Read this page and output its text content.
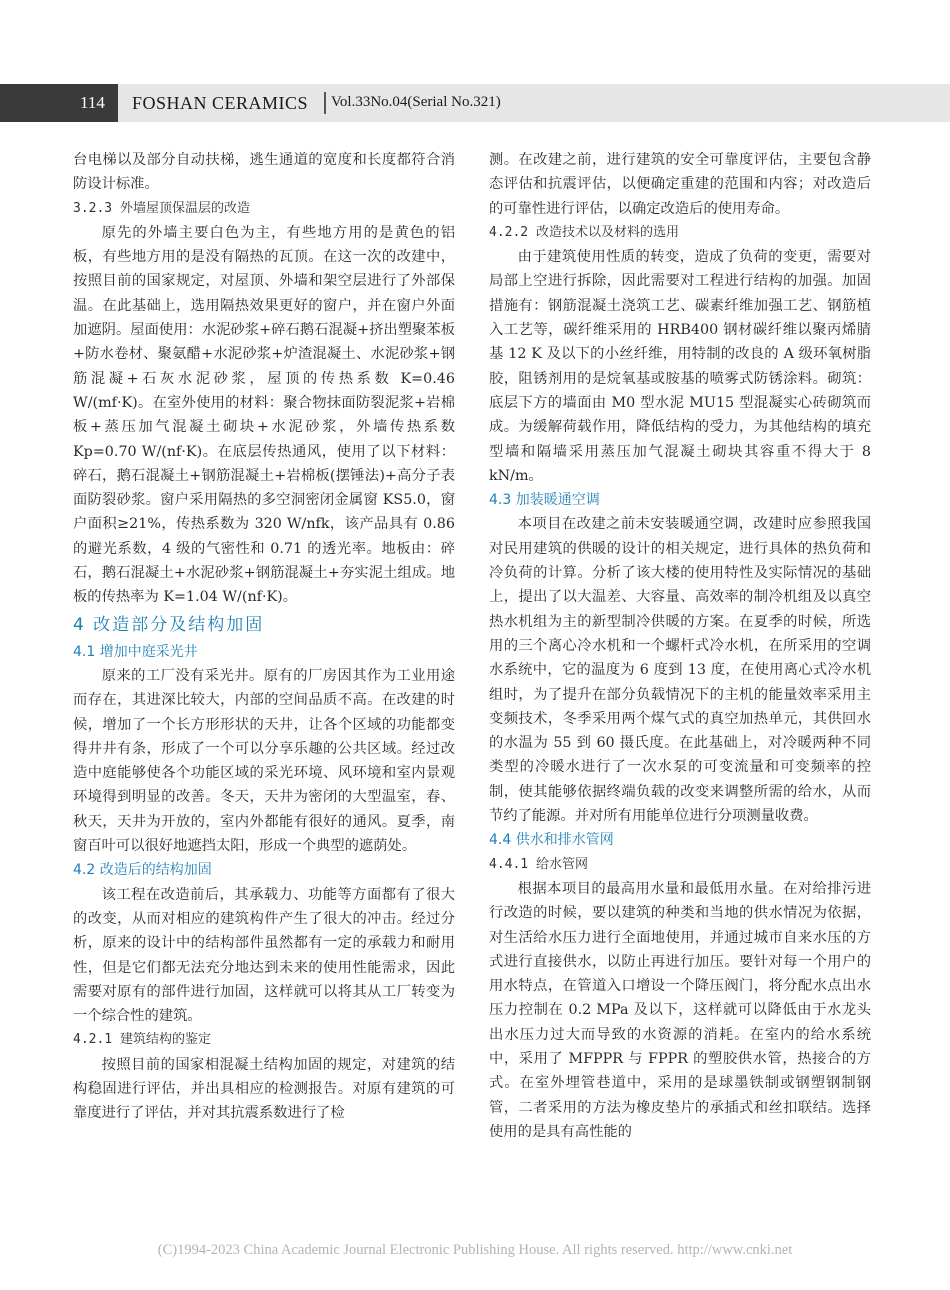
114 FOSHAN CERAMICS Vol.33No.04(Serial No.321)

台电梯以及部分自动扶梯，逃生通道的宽度和长度都符合消防设计标准。

3.2.3 外墙屋顶保温层的改造

原先的外墙主要白色为主，有些地方用的是黄色的铝板，有些地方用的是没有隔热的瓦顶。在这一次的改建中，按照目前的国家规定，对屋顶、外墙和架空层进行了外部保温。在此基础上，选用隔热效果更好的窗户，并在窗户外面加遮阴。屋面使用：水泥砂浆+碎石鹅石混凝+挤出塑聚苯板+防水卷材、聚氨醋+水泥砂浆+炉渣混凝土、水泥砂浆+钢筋混凝+石灰水泥砂浆，屋顶的传热系数 K=0.46 W/(mf·K)。在室外使用的材料：聚合物抹面防裂泥浆+岩棉板+蒸压加气混凝土砌块+水泥砂浆，外墙传热系数 Kp=0.70 W/(nf·K)。在底层传热通风，使用了以下材料：碎石，鹅石混凝土+钢筋混凝土+岩棉板(摆锤法)+高分子表面防裂砂浆。窗户采用隔热的多空洞密闭金属窗 KS5.0，窗户面积≥21%，传热系数为 320 W/nfk，该产品具有 0.86 的避光系数，4 级的气密性和 0.71 的透光率。地板由：碎石，鹅石混凝土+水泥砂浆+钢筋混凝土+夯实泥土组成。地板的传热率为 K=1.04 W/(nf·K)。

4 改造部分及结构加固

4.1 增加中庭采光井

原来的工厂没有采光井。原有的厂房因其作为工业用途而存在，其进深比较大，内部的空间品质不高。在改建的时候，增加了一个长方形形状的天井，让各个区域的功能都变得井井有条，形成了一个可以分享乐趣的公共区域。经过改造中庭能够使各个功能区域的采光环境、风环境和室内景观环境得到明显的改善。冬天，天井为密闭的大型温室，春、秋天，天井为开放的，室内外都能有很好的通风。夏季，南窗百叶可以很好地遮挡太阳，形成一个典型的遮荫处。

4.2 改造后的结构加固

该工程在改造前后，其承载力、功能等方面都有了很大的改变，从而对相应的建筑构件产生了很大的冲击。经过分析，原来的设计中的结构部件虽然都有一定的承载力和耐用性，但是它们都无法充分地达到未来的使用性能需求，因此需要对原有的部件进行加固，这样就可以将其从工厂转变为一个综合性的建筑。

4.2.1 建筑结构的鉴定

按照目前的国家相混凝土结构加固的规定，对建筑的结构稳固进行评估，并出具相应的检测报告。对原有建筑的可靠度进行了评估，并对其抗震系数进行了检

测。在改建之前，进行建筑的安全可靠度评估，主要包含静态评估和抗震评估，以便确定重建的范围和内容；对改造后的可靠性进行评估，以确定改造后的使用寿命。

4.2.2 改造技术以及材料的选用

由于建筑使用性质的转变，造成了负荷的变更，需要对局部上空进行拆除，因此需要对工程进行结构的加强。加固措施有：钢筋混凝土浇筑工艺、碳素纤维加强工艺、钢筋植入工艺等，碳纤维采用的 HRB400 钢材碳纤维以聚丙烯腈基 12 K 及以下的小丝纤维，用特制的改良的 A 级环氧树脂胶，阻锈剂用的是烷氧基或胺基的喷雾式防锈涂料。砌筑：底层下方的墙面由 M0 型水泥 MU15 型混凝实心砖砌筑而成。为缓解荷载作用，降低结构的受力，为其他结构的填充型墙和隔墙采用蒸压加气混凝土砌块其容重不得大于 8 kN/m。

4.3 加装暖通空调

本项目在改建之前未安装暖通空调，改建时应参照我国对民用建筑的供暖的设计的相关规定，进行具体的热负荷和冷负荷的计算。分析了该大楼的使用特性及实际情况的基础上，提出了以大温差、大容量、高效率的制冷机组及以真空热水机组为主的新型制冷供暖的方案。在夏季的时候，所选用的三个离心冷水机和一个螺杆式冷水机，在所采用的空调水系统中，它的温度为 6 度到 13 度，在使用离心式冷水机组时，为了提升在部分负载情况下的主机的能量效率采用主变频技术，冬季采用两个煤气式的真空加热单元，其供回水的水温为 55 到 60 摄氏度。在此基础上，对冷暖两种不同类型的冷暖水进行了一次水泵的可变流量和可变频率的控制，使其能够依据终端负载的改变来调整所需的给水，从而节约了能源。并对所有用能单位进行分项测量收费。

4.4 供水和排水管网

4.4.1 给水管网

根据本项目的最高用水量和最低用水量。在对给排污进行改造的时候，要以建筑的种类和当地的供水情况为依据，对生活给水压力进行全面地使用，并通过城市自来水压的方式进行直接供水，以防止再进行加压。要针对每一个用户的用水特点，在管道入口增设一个降压阀门，将分配水点出水压力控制在 0.2 MPa 及以下，这样就可以降低由于水龙头出水压力过大而导致的水资源的消耗。在室内的给水系统中，采用了 MFPPR 与 FPPR 的塑胶供水管，热接合的方式。在室外埋管巷道中，采用的是球墨铁制或钢塑钢制钢管，二者采用的方法为橡皮垫片的承插式和丝扣联结。选择使用的是具有高性能的

(C)1994-2023 China Academic Journal Electronic Publishing House. All rights reserved. http://www.cnki.net
